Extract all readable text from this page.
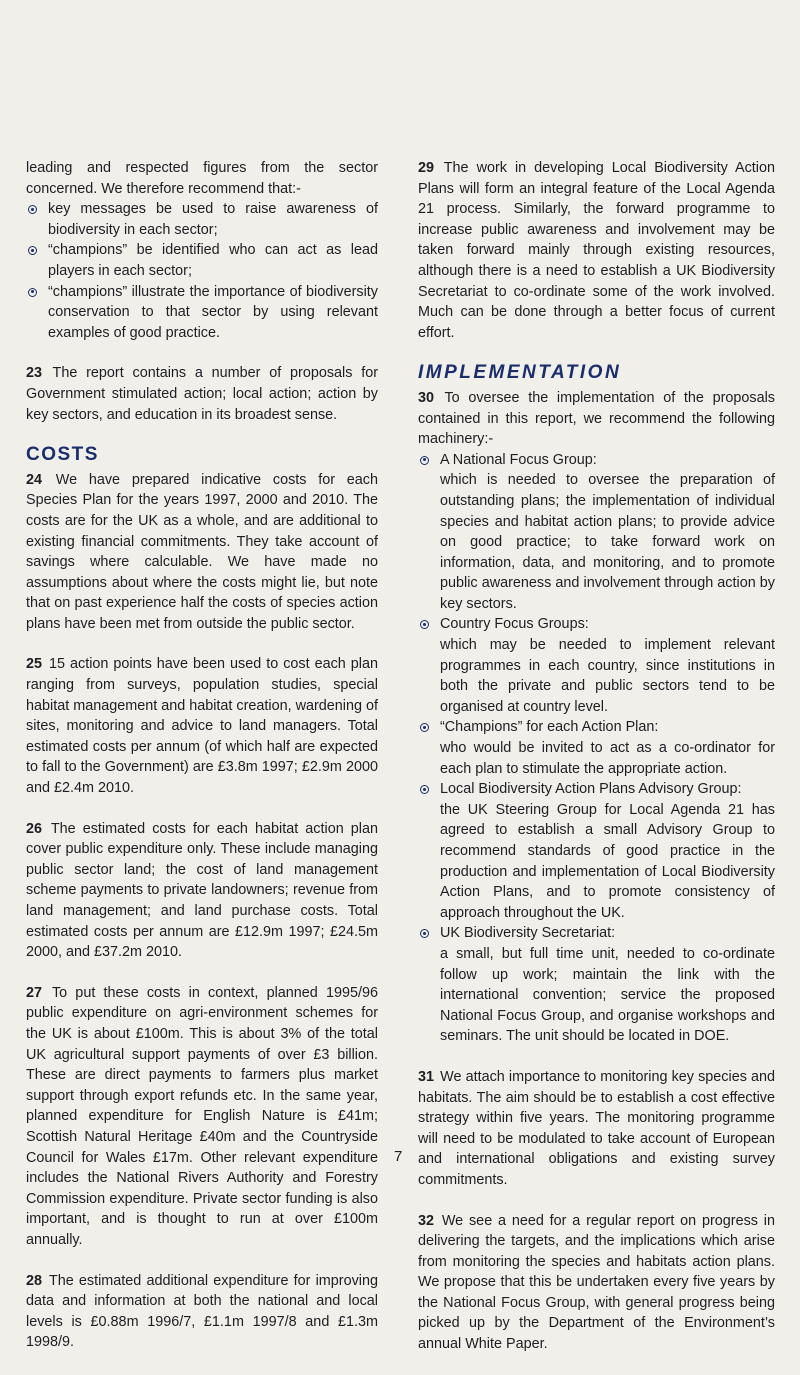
leading and respected figures from the sector concerned. We therefore recommend that:-

key messages be used to raise awareness of biodiversity in each sector;
“champions” be identified who can act as lead players in each sector;
“champions” illustrate the importance of biodiversity conservation to that sector by using relevant examples of good practice.

23 The report contains a number of proposals for Government stimulated action; local action; action by key sectors, and education in its broadest sense.

COSTS

24 We have prepared indicative costs for each Species Plan for the years 1997, 2000 and 2010. The costs are for the UK as a whole, and are additional to existing financial commitments. They take account of savings where calculable. We have made no assumptions about where the costs might lie, but note that on past experience half the costs of species action plans have been met from outside the public sector.

25 15 action points have been used to cost each plan ranging from surveys, population studies, special habitat management and habitat creation, wardening of sites, monitoring and advice to land managers. Total estimated costs per annum (of which half are expected to fall to the Government) are £3.8m 1997; £2.9m 2000 and £2.4m 2010.

26 The estimated costs for each habitat action plan cover public expenditure only. These include managing public sector land; the cost of land management scheme payments to private landowners; revenue from land management; and land purchase costs. Total estimated costs per annum are £12.9m 1997; £24.5m 2000, and £37.2m 2010.

27 To put these costs in context, planned 1995/96 public expenditure on agri-environment schemes for the UK is about £100m. This is about 3% of the total UK agricultural support payments of over £3 billion. These are direct payments to farmers plus market support through export refunds etc. In the same year, planned expenditure for English Nature is £41m; Scottish Natural Heritage £40m and the Countryside Council for Wales £17m. Other relevant expenditure includes the National Rivers Authority and Forestry Commission expenditure. Private sector funding is also important, and is thought to run at over £100m annually.

28 The estimated additional expenditure for improving data and information at both the national and local levels is £0.88m 1996/7, £1.1m 1997/8 and £1.3m 1998/9.

29 The work in developing Local Biodiversity Action Plans will form an integral feature of the Local Agenda 21 process. Similarly, the forward programme to increase public awareness and involvement may be taken forward mainly through existing resources, although there is a need to establish a UK Biodiversity Secretariat to co-ordinate some of the work involved. Much can be done through a better focus of current effort.

IMPLEMENTATION

30 To oversee the implementation of the proposals contained in this report, we recommend the following machinery:-

A National Focus Group:
which is needed to oversee the preparation of outstanding plans; the implementation of individual species and habitat action plans; to provide advice on good practice; to take forward work on information, data, and monitoring, and to promote public awareness and involvement through action by key sectors.
Country Focus Groups:
which may be needed to implement relevant programmes in each country, since institutions in both the private and public sectors tend to be organised at country level.
“Champions” for each Action Plan:
who would be invited to act as a co-ordinator for each plan to stimulate the appropriate action.
Local Biodiversity Action Plans Advisory Group:
the UK Steering Group for Local Agenda 21 has agreed to establish a small Advisory Group to recommend standards of good practice in the production and implementation of Local Biodiversity Action Plans, and to promote consistency of approach throughout the UK.
UK Biodiversity Secretariat:
a small, but full time unit, needed to co-ordinate follow up work; maintain the link with the international convention; service the proposed National Focus Group, and organise workshops and seminars. The unit should be located in DOE.

31 We attach importance to monitoring key species and habitats. The aim should be to establish a cost effective strategy within five years. The monitoring programme will need to be modulated to take account of European and international obligations and existing survey commitments.

32 We see a need for a regular report on progress in delivering the targets, and the implications which arise from monitoring the species and habitats action plans. We propose that this be undertaken every five years by the National Focus Group, with general progress being picked up by the Department of the Environment’s annual White Paper.

7
